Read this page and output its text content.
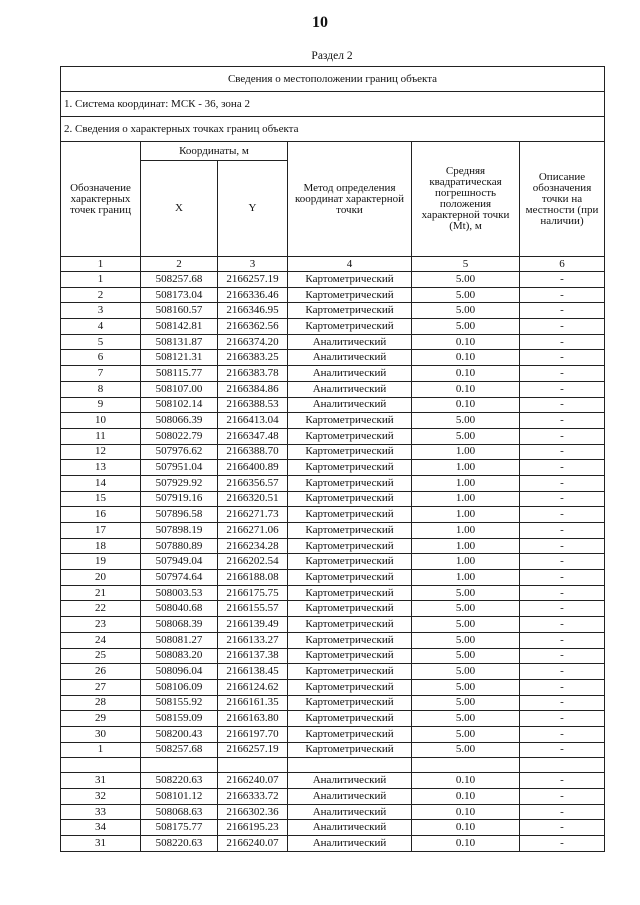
10
Раздел 2
Сведения о местоположении границ объекта					
1. Система координат: МСК - 36, зона 2					
2. Сведения о характерных точках границ объекта					
Обозначение характерных точек границ	Координаты, м		Метод определения координат характерной точки	Средняя квадратическая погрешность положения характерной точки (Mt), м	Описание обозначения точки на местности (при наличии)
	X	Y			
1	2	3	4	5	6
1	508257.68	2166257.19	Картометрический	5.00	-
2	508173.04	2166336.46	Картометрический	5.00	-
3	508160.57	2166346.95	Картометрический	5.00	-
4	508142.81	2166362.56	Картометрический	5.00	-
5	508131.87	2166374.20	Аналитический	0.10	-
6	508121.31	2166383.25	Аналитический	0.10	-
7	508115.77	2166383.78	Аналитический	0.10	-
8	508107.00	2166384.86	Аналитический	0.10	-
9	508102.14	2166388.53	Аналитический	0.10	-
10	508066.39	2166413.04	Картометрический	5.00	-
11	508022.79	2166347.48	Картометрический	5.00	-
12	507976.62	2166388.70	Картометрический	1.00	-
13	507951.04	2166400.89	Картометрический	1.00	-
14	507929.92	2166356.57	Картометрический	1.00	-
15	507919.16	2166320.51	Картометрический	1.00	-
16	507896.58	2166271.73	Картометрический	1.00	-
17	507898.19	2166271.06	Картометрический	1.00	-
18	507880.89	2166234.28	Картометрический	1.00	-
19	507949.04	2166202.54	Картометрический	1.00	-
20	507974.64	2166188.08	Картометрический	1.00	-
21	508003.53	2166175.75	Картометрический	5.00	-
22	508040.68	2166155.57	Картометрический	5.00	-
23	508068.39	2166139.49	Картометрический	5.00	-
24	508081.27	2166133.27	Картометрический	5.00	-
25	508083.20	2166137.38	Картометрический	5.00	-
26	508096.04	2166138.45	Картометрический	5.00	-
27	508106.09	2166124.62	Картометрический	5.00	-
28	508155.92	2166161.35	Картометрический	5.00	-
29	508159.09	2166163.80	Картометрический	5.00	-
30	508200.43	2166197.70	Картометрический	5.00	-
1	508257.68	2166257.19	Картометрический	5.00	-

31	508220.63	2166240.07	Аналитический	0.10	-
32	508101.12	2166333.72	Аналитический	0.10	-
33	508068.63	2166302.36	Аналитический	0.10	-
34	508175.77	2166195.23	Аналитический	0.10	-
31	508220.63	2166240.07	Аналитический	0.10	-
